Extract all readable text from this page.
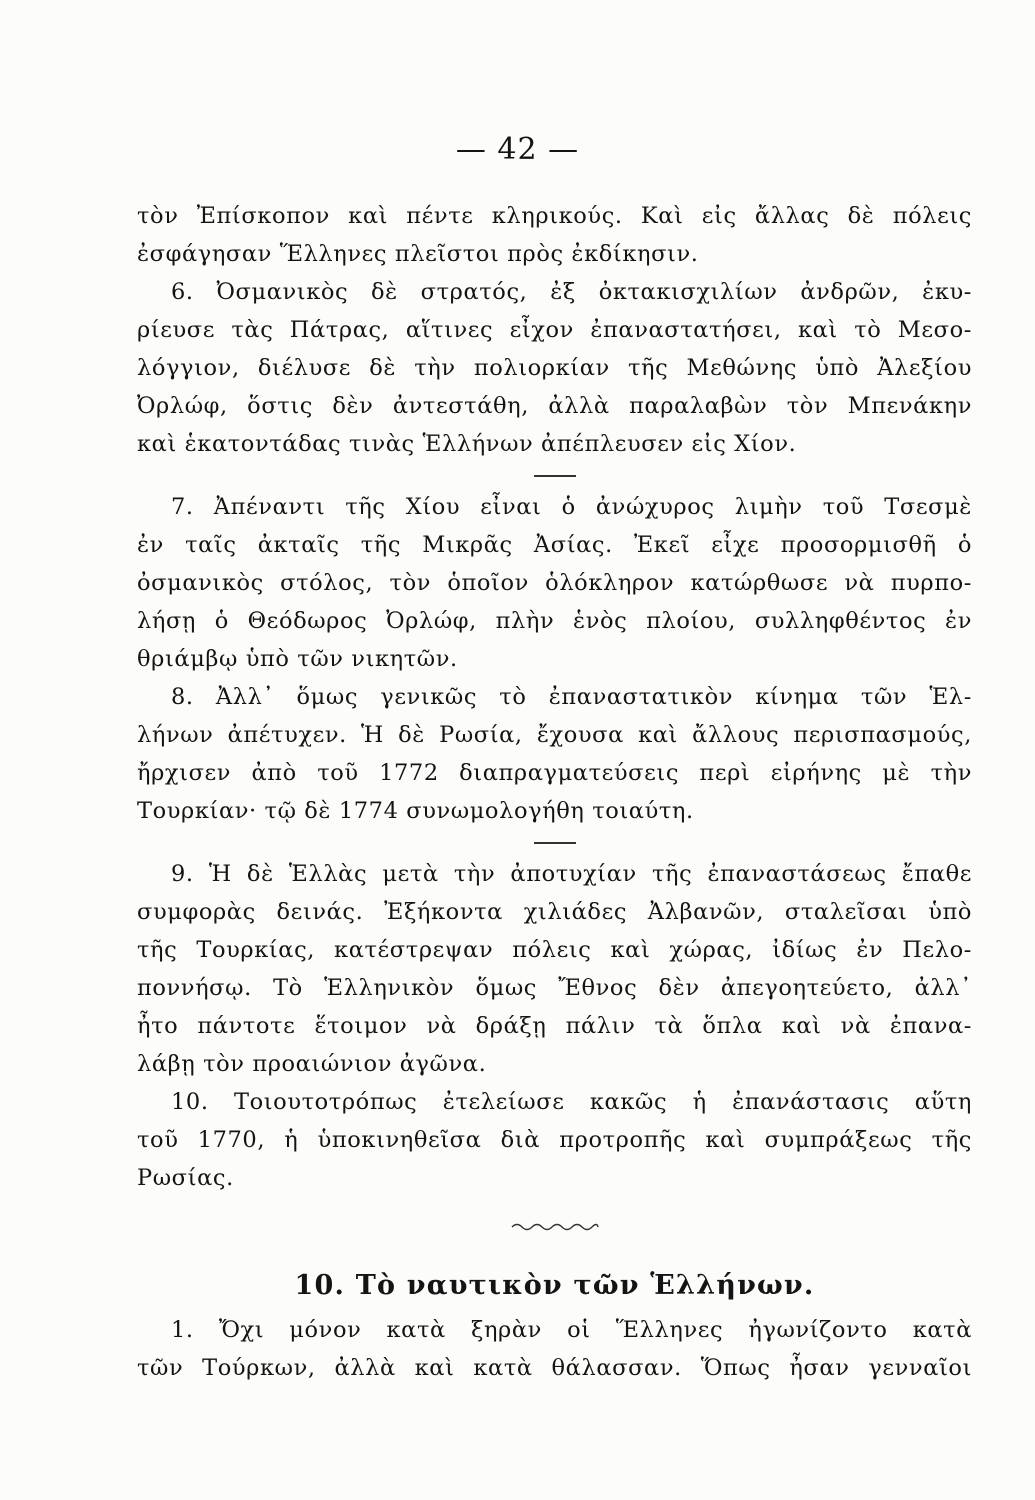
— 42 —
τὸν Ἐπίσκοπον καὶ πέντε κληρικούς. Καὶ εἰς ἄλλας δὲ πόλεις
ἐσφάγησαν Ἕλληνες πλεῖστοι πρὸς ἐκδίκησιν.
6. Ὀσμανικὸς δὲ στρατός, ἐξ ὀκτακισχιλίων ἀνδρῶν, ἐκυ-
ρίευσε τὰς Πάτρας, αἵτινες εἶχον ἐπαναστατήσει, καὶ τὸ Μεσο-
λόγγιον, διέλυσε δὲ τὴν πολιορκίαν τῆς Μεθώνης ὑπὸ Ἀλεξίου
Ὀρλώφ, ὅστις δὲν ἀντεστάθη, ἀλλὰ παραλαβὼν τὸν Μπενάκην
καὶ ἑκατοντάδας τινὰς Ἑλλήνων ἀπέπλευσεν εἰς Χίον.
7. Ἀπέναντι τῆς Χίου εἶναι ὁ ἀνώχυρος λιμὴν τοῦ Τσεσμὲ
ἐν ταῖς ἀκταῖς τῆς Μικρᾶς Ἀσίας. Ἐκεῖ εἶχε προσορμισθῆ ὁ
ὀσμανικὸς στόλος, τὸν ὁποῖον ὁλόκληρον κατώρθωσε νὰ πυρπο-
λήσῃ ὁ Θεόδωρος Ὀρλώφ, πλὴν ἑνὸς πλοίου, συλληφθέντος ἐν
θριάμβῳ ὑπὸ τῶν νικητῶν.
8. Ἀλλ᾿ ὅμως γενικῶς τὸ ἐπαναστατικὸν κίνημα τῶν Ἑλ-
λήνων ἀπέτυχεν. Ἡ δὲ Ρωσία, ἔχουσα καὶ ἄλλους περισπασμούς,
ἤρχισεν ἀπὸ τοῦ 1772 διαπραγματεύσεις περὶ εἰρήνης μὲ τὴν
Τουρκίαν· τῷ δὲ 1774 συνωμολογήθη τοιαύτη.
9. Ἡ δὲ Ἑλλὰς μετὰ τὴν ἀποτυχίαν τῆς ἐπαναστάσεως ἔπαθε
συμφορὰς δεινάς. Ἐξήκοντα χιλιάδες Ἀλβανῶν, σταλεῖσαι ὑπὸ
τῆς Τουρκίας, κατέστρεψαν πόλεις καὶ χώρας, ἰδίως ἐν Πελο-
ποννήσῳ. Τὸ Ἑλληνικὸν ὅμως Ἔθνος δὲν ἀπεγοητεύετο, ἀλλ᾿
ἦτο πάντοτε ἕτοιμον νὰ δράξῃ πάλιν τὰ ὅπλα καὶ νὰ ἐπανα-
λάβῃ τὸν προαιώνιον ἀγῶνα.
10. Τοιουτοτρόπως ἐτελείωσε κακῶς ἡ ἐπανάστασις αὕτη
τοῦ 1770, ἡ ὑποκινηθεῖσα διὰ προτροπῆς καὶ συμπράξεως τῆς
Ρωσίας.
10. Τὸ ναυτικὸν τῶν Ἑλλήνων.
1. Ὄχι μόνον κατὰ ξηρὰν οἱ Ἕλληνες ἠγωνίζοντο κατὰ
τῶν Τούρκων, ἀλλὰ καὶ κατὰ θάλασσαν. Ὅπως ἦσαν γενναῖοι
